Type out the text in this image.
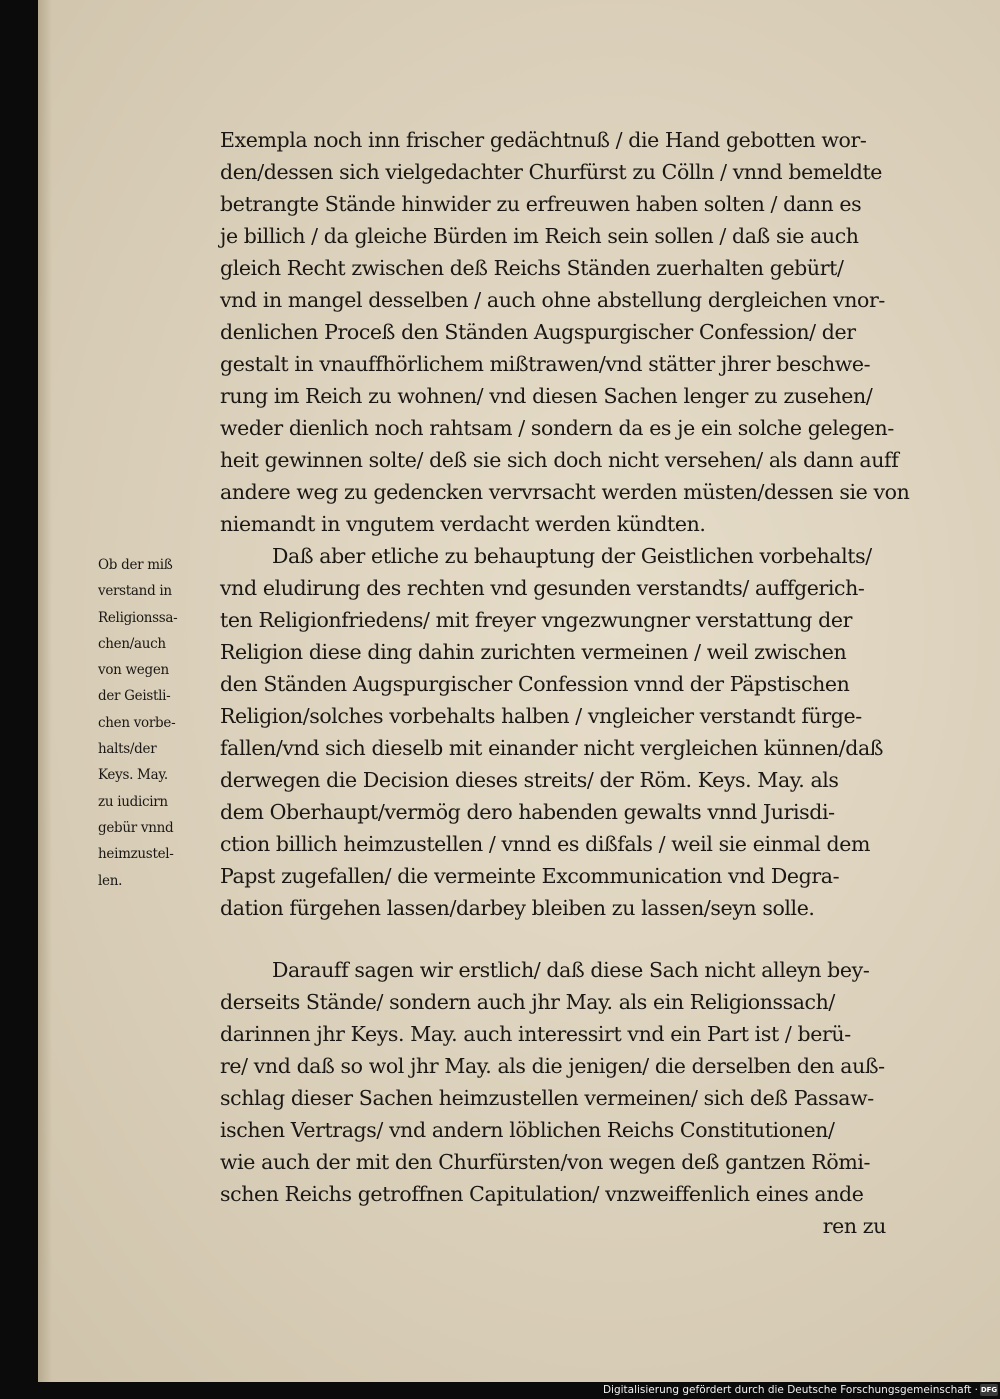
Exempla noch inn frischer gedächtnuß / die Hand gebotten wor-
den/dessen sich vielgedachter Churfürst zu Cölln / vnnd bemeldte
betrangte Stände hinwider zu erfreuwen haben solten / dann es
je billich / da gleiche Bürden im Reich sein sollen / daß sie auch
gleich Recht zwischen deß Reichs Ständen zuerhalten gebürt/
vnd in mangel desselben / auch ohne abstellung dergleichen vnor-
denlichen Proceß den Ständen Augspurgischer Confession/ der
gestalt in vnauffhörlichem mißtrawen/vnd stätter jhrer beschwe-
rung im Reich zu wohnen/ vnd diesen Sachen lenger zu zusehen/
weder dienlich noch rahtsam / sondern da es je ein solche gelegen-
heit gewinnen solte/ deß sie sich doch nicht versehen/ als dann auff
andere weg zu gedencken vervrsacht werden müsten/dessen sie von
niemandt in vngutem verdacht werden kündten.
Daß aber etliche zu behauptung der Geistlichen vorbehalts/
vnd eludirung des rechten vnd gesunden verstandts/ auffgerich-
ten Religionfriedens/ mit freyer vngezwungner verstattung der
Religion diese ding dahin zurichten vermeinen / weil zwischen
den Ständen Augspurgischer Confession vnnd der Päpstischen
Religion/solches vorbehalts halben / vngleicher verstandt fürge-
fallen/vnd sich dieselb mit einander nicht vergleichen künnen/daß
derwegen die Decision dieses streits/ der Röm. Keys. May. als
dem Oberhaupt/vermög dero habenden gewalts vnnd Jurisdi-
ction billich heimzustellen / vnnd es dißfals / weil sie einmal dem
Papst zugefallen/ die vermeinte Excommunication vnd Degra-
dation fürgehen lassen/darbey bleiben zu lassen/seyn solle.
Darauff sagen wir erstlich/ daß diese Sach nicht alleyn bey-
derseits Stände/ sondern auch jhr May. als ein Religionssach/
darinnen jhr Keys. May. auch interessirt vnd ein Part ist / berü-
re/ vnd daß so wol jhr May. als die jenigen/ die derselben den auß-
schlag dieser Sachen heimzustellen vermeinen/ sich deß Passaw-
ischen Vertrags/ vnd andern löblichen Reichs Constitutionen/
wie auch der mit den Churfürsten/von wegen deß gantzen Römi-
schen Reichs getroffnen Capitulation/ vnzweiffenlich eines ande
ren zu
Ob der miß
verstand in
Religionssa-
chen/auch
von wegen
der Geistli-
chen vorbe-
halts/der
Keys. May.
zu iudicirn
gebür vnnd
heimzustel-
len.
Digitalisierung gefördert durch die Deutsche Forschungsgemeinschaft · DFG
